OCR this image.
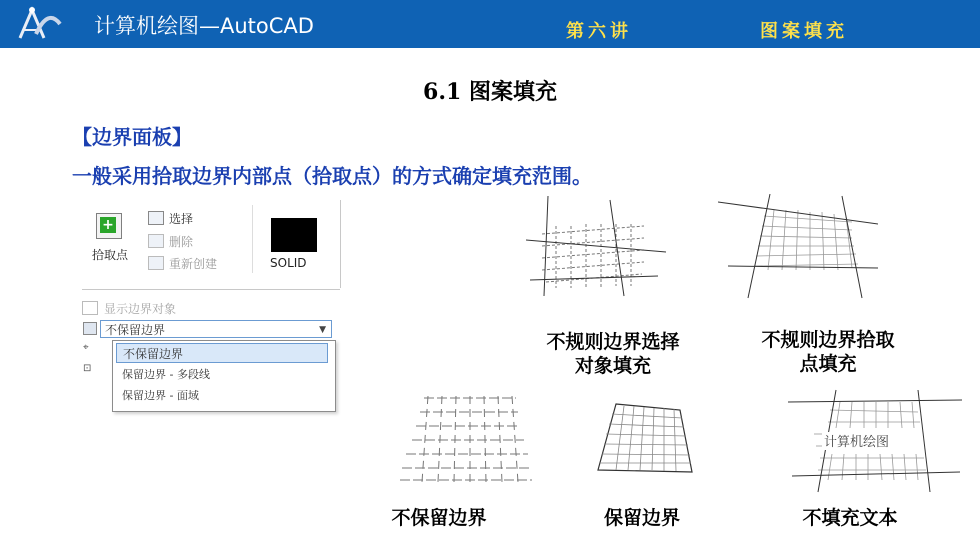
计算机绘图—AutoCAD	第六讲	图案填充
6.1 图案填充
【边界面板】
一般采用拾取边界内部点（拾取点）的方式确定填充范围。
+
拾取点
选择
删除
重新创建	SOLID
显示边界对象
不保留边界	▼
⌖
⊡
不保留边界
保留边界 - 多段线
保留边界 - 面域
不规则边界选择
对象填充
不规则边界拾取
点填充
计算机绘图
不保留边界	保留边界	不填充文本
